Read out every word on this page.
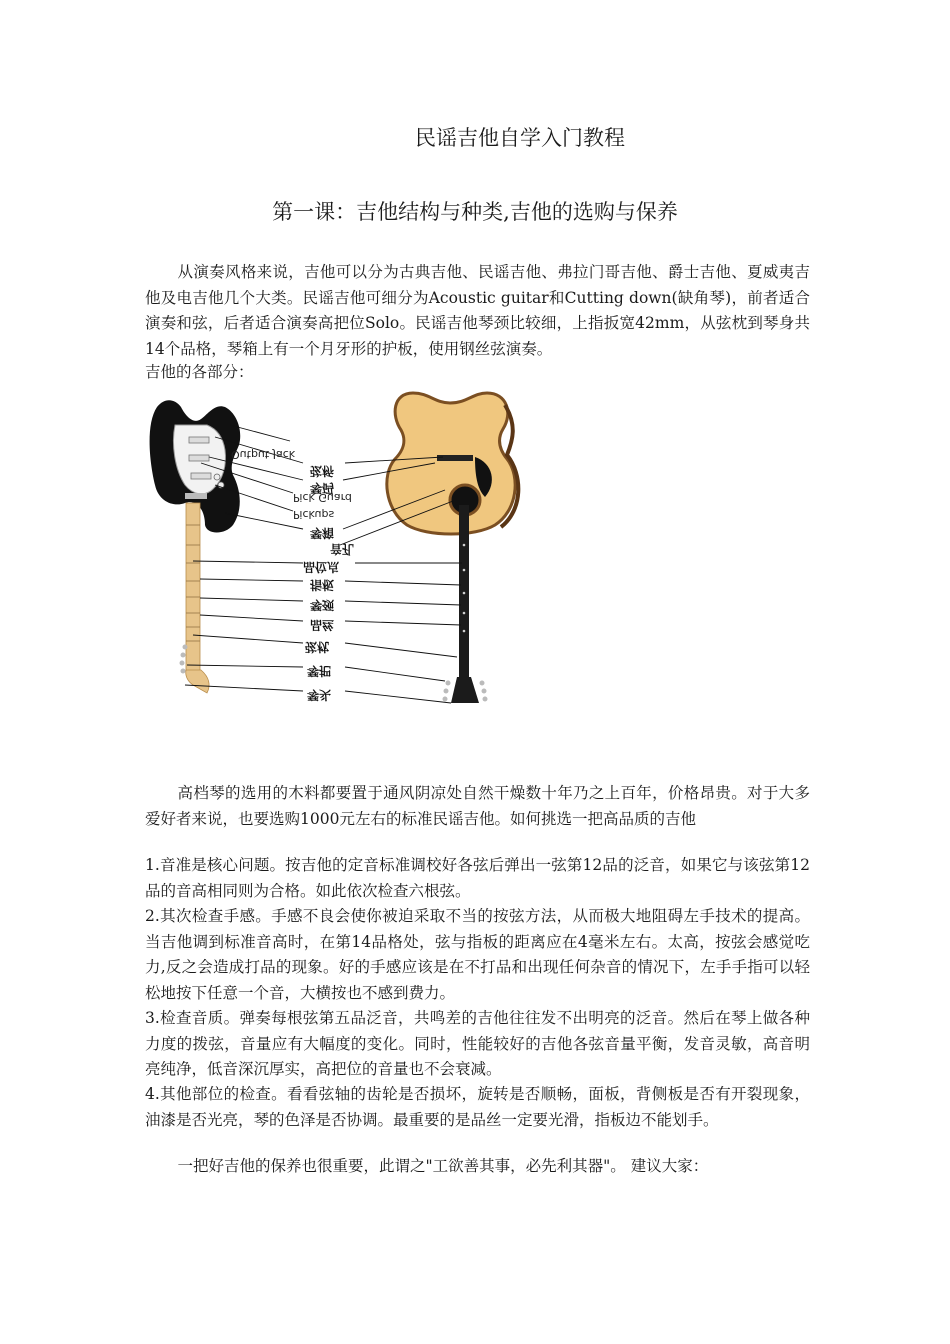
民谣吉他自学入门教程
第一课：吉他结构与种类,吉他的选购与保养

从演奏风格来说，吉他可以分为古典吉他、民谣吉他、弗拉门哥吉他、爵士吉他、夏威夷吉他及电吉他几个大类。民谣吉他可细分为Acoustic guitar和Cutting down(缺角琴)，前者适合演奏和弦，后者适合演奏高把位Solo。民谣吉他琴颈比较细，上指扳宽42mm，从弦枕到琴身共14个品格，琴箱上有一个月牙形的护板，使用钢丝弦演奏。

吉他的各部分：

Output Jack
弦桥
琴码
Pick Guard
Pickups
琴箱
音孔
品位点
指板
琴颈
品丝
弦枕
琴把
琴头

高档琴的选用的木料都要置于通风阴凉处自然干燥数十年乃之上百年，价格昂贵。对于大多爱好者来说，也要选购1000元左右的标准民谣吉他。如何挑选一把高品质的吉他

1.音准是核心问题。按吉他的定音标准调校好各弦后弹出一弦第12品的泛音，如果它与该弦第12品的音高相同则为合格。如此依次检查六根弦。

2.其次检查手感。手感不良会使你被迫采取不当的按弦方法，从而极大地阻碍左手技术的提高。当吉他调到标准音高时，在第14品格处，弦与指板的距离应在4毫米左右。太高，按弦会感觉吃力,反之会造成打品的现象。好的手感应该是在不打品和出现任何杂音的情况下，左手手指可以轻松地按下任意一个音，大横按也不感到费力。

3.检查音质。弹奏每根弦第五品泛音，共鸣差的吉他往往发不出明亮的泛音。然后在琴上做各种力度的拨弦，音量应有大幅度的变化。同时，性能较好的吉他各弦音量平衡，发音灵敏，高音明亮纯净，低音深沉厚实，高把位的音量也不会衰减。

4.其他部位的检查。看看弦轴的齿轮是否损坏，旋转是否顺畅，面板，背侧板是否有开裂现象，油漆是否光亮，琴的色泽是否协调。最重要的是品丝一定要光滑，指板边不能划手。

一把好吉他的保养也很重要，此谓之"工欲善其事，必先利其器"。 建议大家：
